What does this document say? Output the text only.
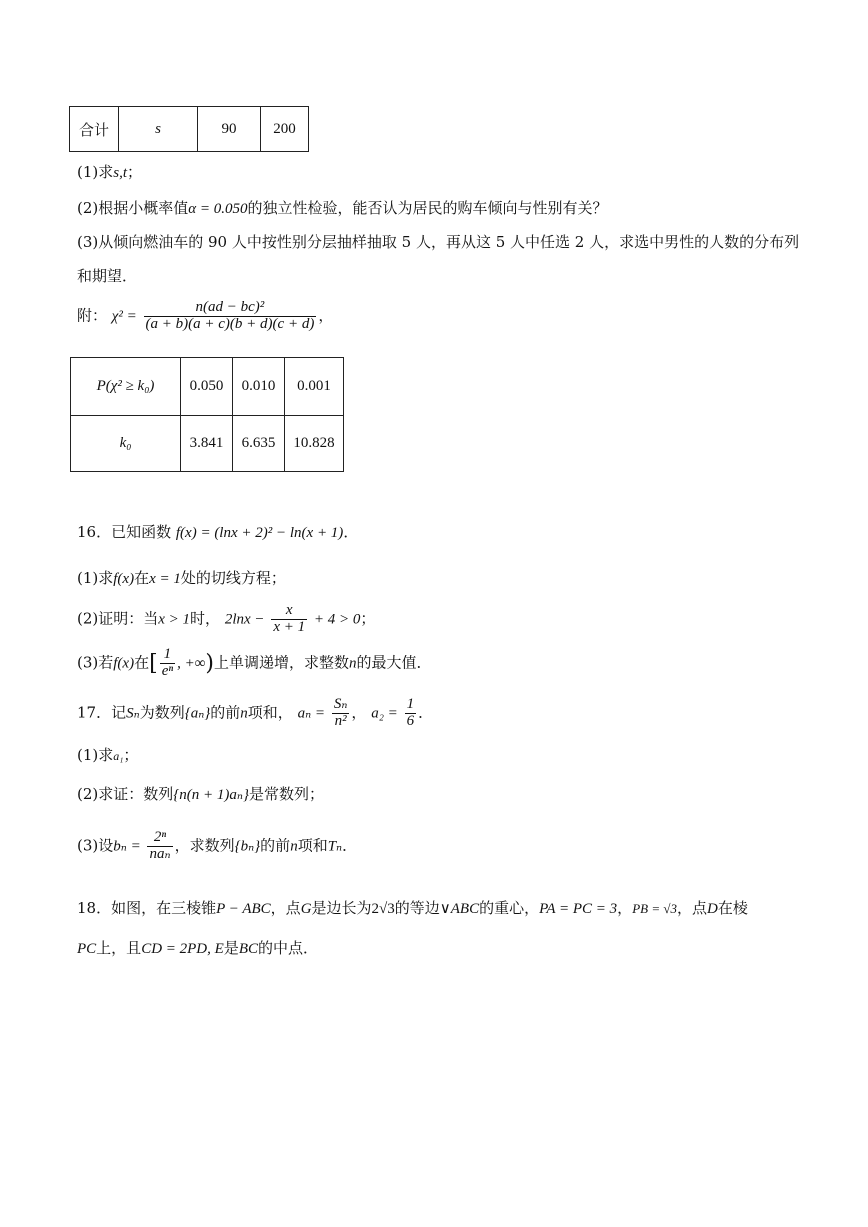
合计	s	90	200
(1)求s,t；
(2)根据小概率值α = 0.050的独立性检验，能否认为居民的购车倾向与性别有关？
(3)从倾向燃油车的 90 人中按性别分层抽样抽取 5 人，再从这 5 人中任选 2 人，求选中男性的人数的分布列
和期望．
附： $\chi^2 = \frac{\text{n(ad − bc)²}}{(a + b)(a + c)(b + d)(c + d)}$ ，
P(χ² ≥ k₀)	0.050	0.010	0.001
k₀	3.841	6.635	10.828
16．已知函数 f(x) = (lnx + 2)² − ln(x + 1)．
(1)求f(x)在x = 1处的切线方程；
(2)证明：当x > 1时， $2\ln x - \frac{x}{x + 1} + 4 > 0$；
(3)若f(x)在[ $\frac{1}{\text{eⁿ}}$ , +∞)上单调递增，求整数n的最大值．
17．记Sₙ为数列{aₙ}的前n项和， $a_n = \frac{\text{Sₙ}}{\text{n²}}$ ， $a_2 = \frac{1}{6}$ ．
(1)求a₁；
(2)求证：数列{n(n + 1)aₙ}是常数列；
(3)设$b_n = \frac{\text{2ⁿ}}{\text{naₙ}}$ ，求数列{bₙ}的前n项和Tₙ．
18．如图，在三棱锥P − ABC，点G是边长为2√3的等边∨ABC的重心，PA = PC = 3，PB = √3，点D在棱
PC上，且CD = 2PD, E是BC的中点．
